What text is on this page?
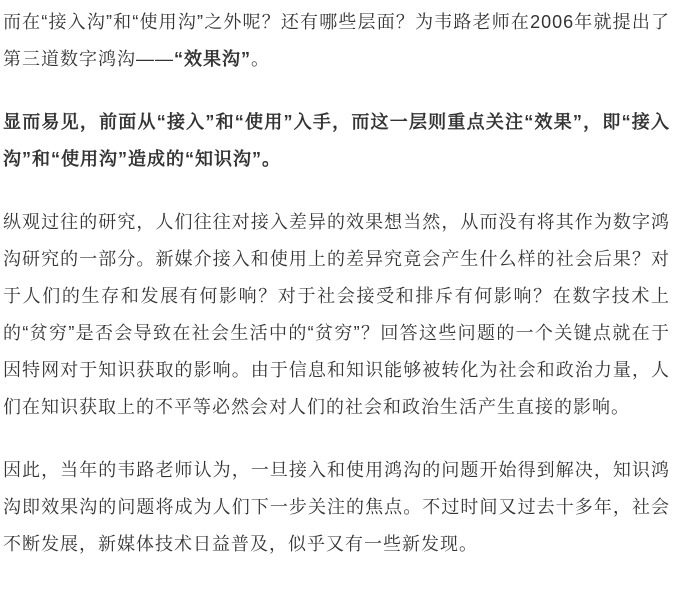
而在“接入沟”和“使用沟”之外呢？还有哪些层面？为韦路老师在2006年就提出了第三道数字鸿沟——“效果沟”。

显而易见，前面从“接入”和“使用”入手，而这一层则重点关注“效果”，即“接入沟”和“使用沟”造成的“知识沟”。

纵观过往的研究，人们往往对接入差异的效果想当然，从而没有将其作为数字鸿沟研究的一部分。新媒介接入和使用上的差异究竟会产生什么样的社会后果？对于人们的生存和发展有何影响？对于社会接受和排斥有何影响？在数字技术上的“贫穷”是否会导致在社会生活中的“贫穷”？回答这些问题的一个关键点就在于因特网对于知识获取的影响。由于信息和知识能够被转化为社会和政治力量，人们在知识获取上的不平等必然会对人们的社会和政治生活产生直接的影响。

因此，当年的韦路老师认为，一旦接入和使用鸿沟的问题开始得到解决，知识鸿沟即效果沟的问题将成为人们下一步关注的焦点。不过时间又过去十多年，社会不断发展，新媒体技术日益普及，似乎又有一些新发现。
